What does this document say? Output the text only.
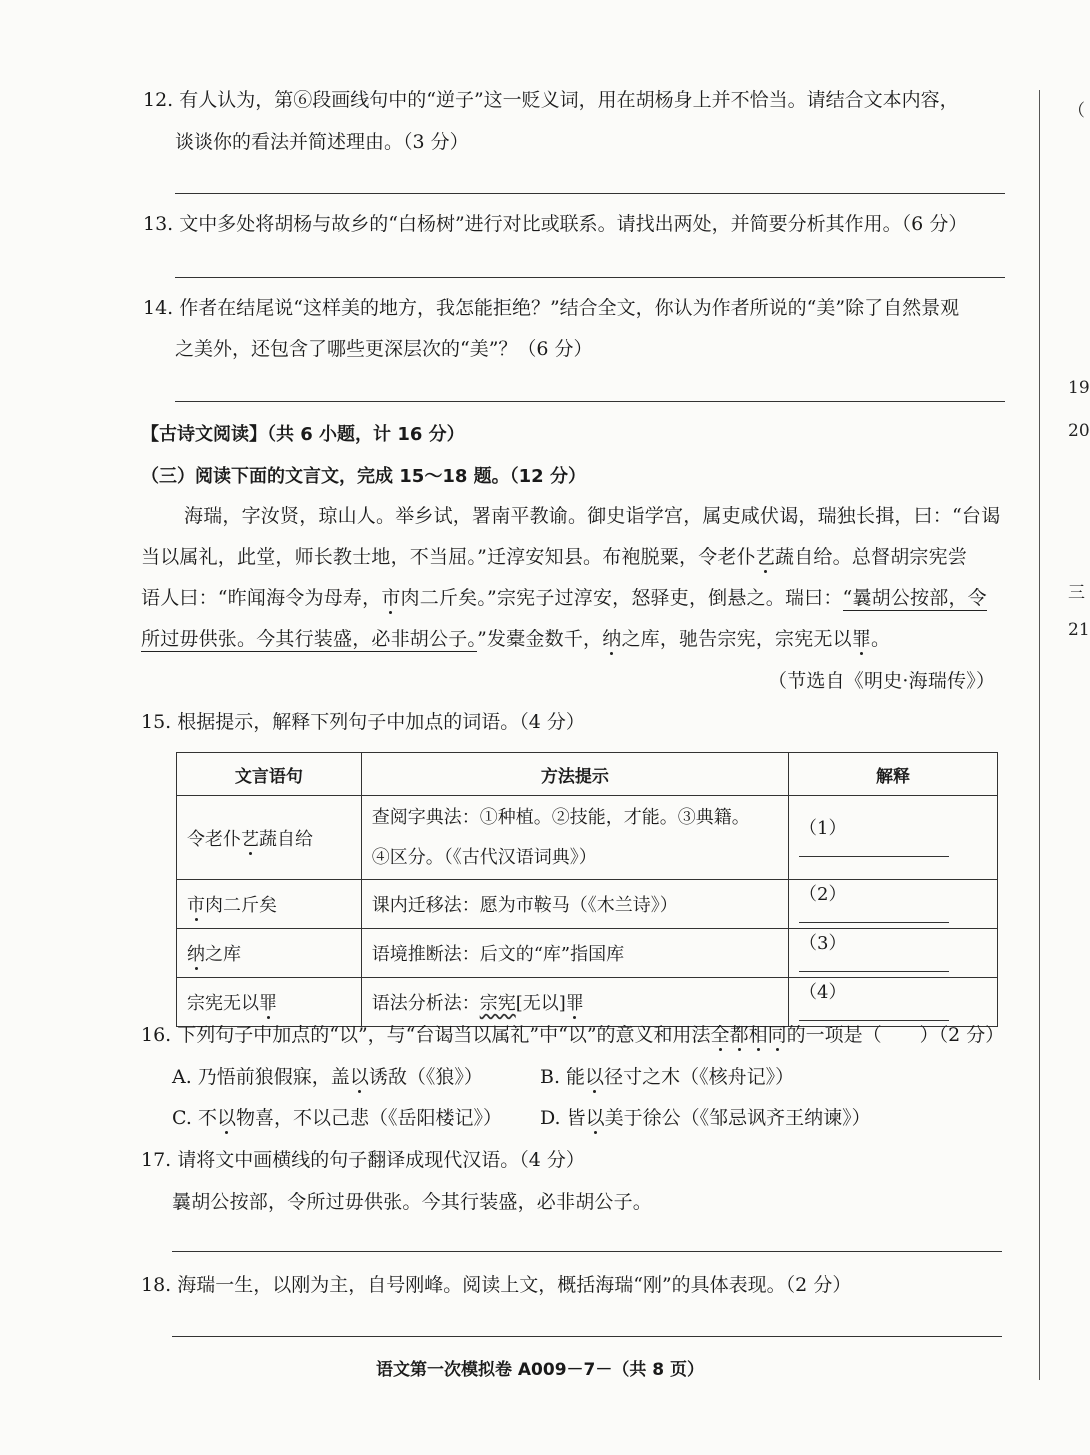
12. 有人认为，第⑥段画线句中的“逆子”这一贬义词，用在胡杨身上并不恰当。请结合文本内容，
谈谈你的看法并简述理由。（3 分）
13. 文中多处将胡杨与故乡的“白杨树”进行对比或联系。请找出两处，并简要分析其作用。（6 分）
14. 作者在结尾说“这样美的地方，我怎能拒绝？”结合全文，你认为作者所说的“美”除了自然景观
之美外，还包含了哪些更深层次的“美”？（6 分）
【古诗文阅读】（共 6 小题，计 16 分）
（三）阅读下面的文言文，完成 15～18 题。（12 分）
海瑞，字汝贤，琼山人。举乡试，署南平教谕。御史诣学宫，属吏咸伏谒，瑞独长揖，曰：“台谒
当以属礼，此堂，师长教士地，不当屈。”迁淳安知县。布袍脱粟，令老仆艺蔬自给。总督胡宗宪尝
语人曰：“昨闻海令为母寿，市肉二斤矣。”宗宪子过淳安，怒驿吏，倒悬之。瑞曰：“曩胡公按部，令
所过毋供张。今其行装盛，必非胡公子。”发橐金数千，纳之库，驰告宗宪，宗宪无以罪。
（节选自《明史·海瑞传》）
15. 根据提示，解释下列句子中加点的词语。（4 分）
文言语句	方法提示	解释
令老仆艺蔬自给	查阅字典法：①种植。②技能，才能。③典籍。
④区分。（《古代汉语词典》）	（1）
市肉二斤矣	课内迁移法：愿为市鞍马（《木兰诗》）	（2）
纳之库	语境推断法：后文的“库”指国库	（3）
宗宪无以罪	语法分析法：宗宪[无以]罪	（4）
16. 下列句子中加点的“以”，与“台谒当以属礼”中“以”的意义和用法全都相同的一项是（　　）（2 分）
A. 乃悟前狼假寐，盖以诱敌（《狼》）	B. 能以径寸之木（《核舟记》）
C. 不以物喜，不以己悲（《岳阳楼记》） D. 皆以美于徐公（《邹忌讽齐王纳谏》）
17. 请将文中画横线的句子翻译成现代汉语。（4 分）
曩胡公按部，令所过毋供张。今其行装盛，必非胡公子。
18. 海瑞一生，以刚为主，自号刚峰。阅读上文，概括海瑞“刚”的具体表现。（2 分）
语文第一次模拟卷 A009－7－（共 8 页）
（
19
20
三
21
